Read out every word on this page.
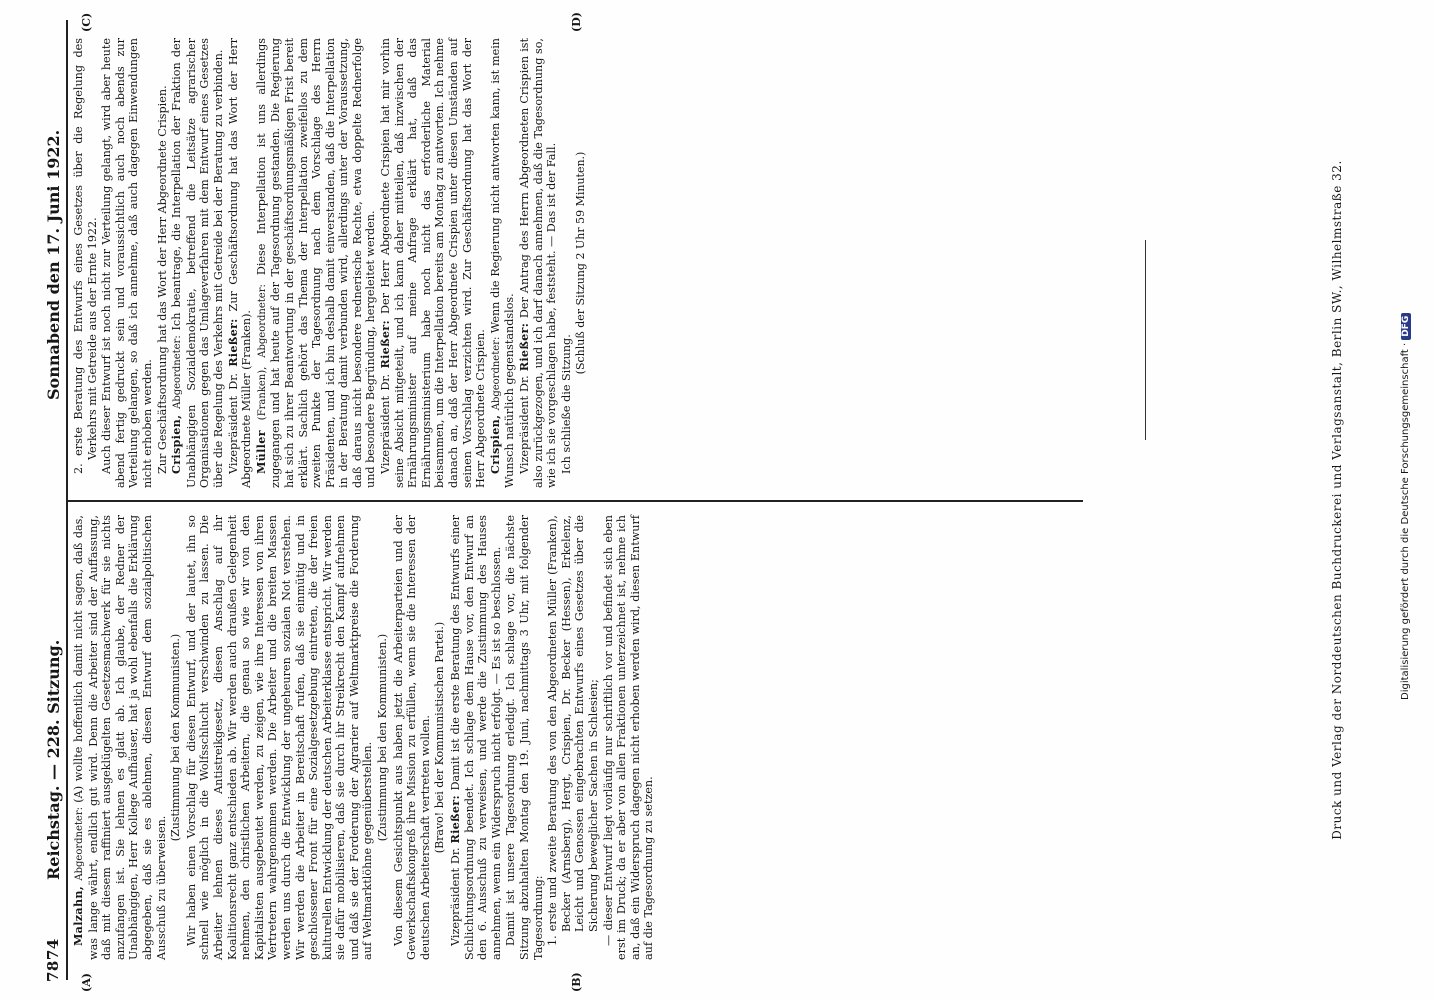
7874
Reichstag. — 228. Sitzung.
Sonnabend den 17. Juni 1922.
(A)	(B)
(C)	(D)

Malzahn, Abgeordneter: (A) wollte hoffentlich damit nicht sagen, daß das, was lange währt, endlich gut wird. Denn die Arbeiter sind der Auffassung, daß mit diesem raffiniert ausgeklügelten Gesetzesmachwerk für sie nichts anzufangen ist. Sie lehnen es glatt ab. Ich glaube, der Redner der Unabhängigen, Herr Kollege Aufhäuser, hat ja wohl ebenfalls die Erklärung abgegeben, daß sie es ablehnen, diesen Entwurf dem sozialpolitischen Ausschuß zu überweisen.

(Zustimmung bei den Kommunisten.) Wir haben einen Vorschlag für diesen Entwurf, und der lautet, ihn so schnell wie möglich in die Wolfsschlucht verschwinden zu lassen. Die Arbeiter lehnen dieses Antistreikgesetz, diesen Anschlag auf ihr Koalitionsrecht ganz entschieden ab. Wir werden auch draußen Gelegenheit nehmen, den christlichen Arbeitern, die genau so wie wir von den Kapitalisten ausgebeutet werden, zu zeigen, wie ihre Interessen von ihren Vertretern wahrgenommen werden. Die Arbeiter und die breiten Massen werden uns durch die Entwicklung der ungeheuren sozialen Not verstehen. Wir werden die Arbeiter in Bereitschaft rufen, daß sie einmütig und in geschlossener Front für eine Sozialgesetzgebung eintreten, die der freien kulturellen Entwicklung der deutschen Arbeiterklasse entspricht. Wir werden sie dafür mobilisieren, daß sie durch ihr Streikrecht den Kampf aufnehmen und daß sie der Forderung der Agrarier auf Weltmarktpreise die Forderung auf Weltmarktlöhne gegenüberstellen.

(Zustimmung bei den Kommunisten.) Von diesem Gesichtspunkt aus haben jetzt die Arbeiterparteien und der Gewerkschaftskongreß ihre Mission zu erfüllen, wenn sie die Interessen der deutschen Arbeiterschaft vertreten wollen. (Bravo! bei der Kommunistischen Partei.)

Vizepräsident Dr. Rießer: Damit ist die erste Beratung des Entwurfs einer Schlichtungsordnung beendet. Ich schlage dem Hause vor, den Entwurf an den 6. Ausschuß zu verweisen, und werde die Zustimmung des Hauses annehmen, wenn ein Widerspruch nicht erfolgt. — Es ist so beschlossen. Damit ist unsere Tagesordnung erledigt. Ich schlage vor, die nächste Sitzung abzuhalten Montag den 19. Juni, nachmittags 3 Uhr, mit folgender Tagesordnung: 1. erste und zweite Beratung des von den Abgeordneten Müller (Franken), Becker (Arnsberg), Hergt, Crispien, Dr. Becker (Hessen), Erkelenz, Leicht und Genossen eingebrachten Entwurfs eines Gesetzes über die Sicherung beweglicher Sachen in Schlesien; — dieser Entwurf liegt vorläufig nur schriftlich vor und befindet sich eben erst im Druck; da er aber von allen Fraktionen unterzeichnet ist, nehme ich an, daß ein Widerspruch dagegen nicht erhoben werden wird, diesen Entwurf auf die Tagesordnung zu setzen.

2. erste Beratung des Entwurfs eines Gesetzes über die Regelung des Verkehrs mit Getreide aus der Ernte 1922. Auch dieser Entwurf ist noch nicht zur Verteilung gelangt, wird aber heute abend fertig gedruckt sein und voraussichtlich auch noch abends zur Verteilung gelangen, so daß ich annehme, daß auch dagegen Einwendungen nicht erhoben werden. Zur Geschäftsordnung hat das Wort der Herr Abgeordnete Crispien. Crispien, Abgeordneter: Ich beantrage, die Interpellation der Fraktion der Unabhängigen Sozialdemokratie, betreffend die Leitsätze agrarischer Organisationen gegen das Umlageverfahren mit dem Entwurf eines Gesetzes über die Regelung des Verkehrs mit Getreide bei der Beratung zu verbinden. Vizepräsident Dr. Rießer: Zur Geschäftsordnung hat das Wort der Herr Abgeordnete Müller (Franken). Müller (Franken), Abgeordneter: Diese Interpellation ist uns allerdings zugegangen und hat heute auf der Tagesordnung gestanden. Die Regierung hat sich zu ihrer Beantwortung in der geschäftsordnungsmäßigen Frist bereit erklärt. Sachlich gehört das Thema der Interpellation zweifellos zu dem zweiten Punkte der Tagesordnung nach dem Vorschlage des Herrn Präsidenten, und ich bin deshalb damit einverstanden, daß die Interpellation in der Beratung damit verbunden wird, allerdings unter der Voraussetzung, daß daraus nicht besondere rednerische Rechte, etwa doppelte Rednerfolge und besondere Begründung, hergeleitet werden. Vizepräsident Dr. Rießer: Der Herr Abgeordnete Crispien hat mir vorhin seine Absicht mitgeteilt, und ich kann daher mitteilen, daß inzwischen der Ernährungsminister auf meine Anfrage erklärt hat, daß das Ernährungsministerium habe noch nicht das erforderliche Material beisammen, um die Interpellation bereits am Montag zu antworten. Ich nehme danach an, daß der Herr Abgeordnete Crispien unter diesen Umständen auf seinen Vorschlag verzichten wird. Zur Geschäftsordnung hat das Wort der Herr Abgeordnete Crispien. Crispien, Abgeordneter: Wenn die Regierung nicht antworten kann, ist mein Wunsch natürlich gegenstandslos. Vizepräsident Dr. Rießer: Der Antrag des Herrn Abgeordneten Crispien ist also zurückgezogen, und ich darf danach annehmen, daß die Tagesordnung so, wie ich sie vorgeschlagen habe, feststeht. — Das ist der Fall. Ich schließe die Sitzung.

(Schluß der Sitzung 2 Uhr 59 Minuten.)	Druck und Verlag der Norddeutschen Buchdruckerei und Verlagsanstalt, Berlin SW., Wilhelmstraße 32.	Digitalisierung gefördert durch die Deutsche Forschungsgemeinschaft ·DFG
